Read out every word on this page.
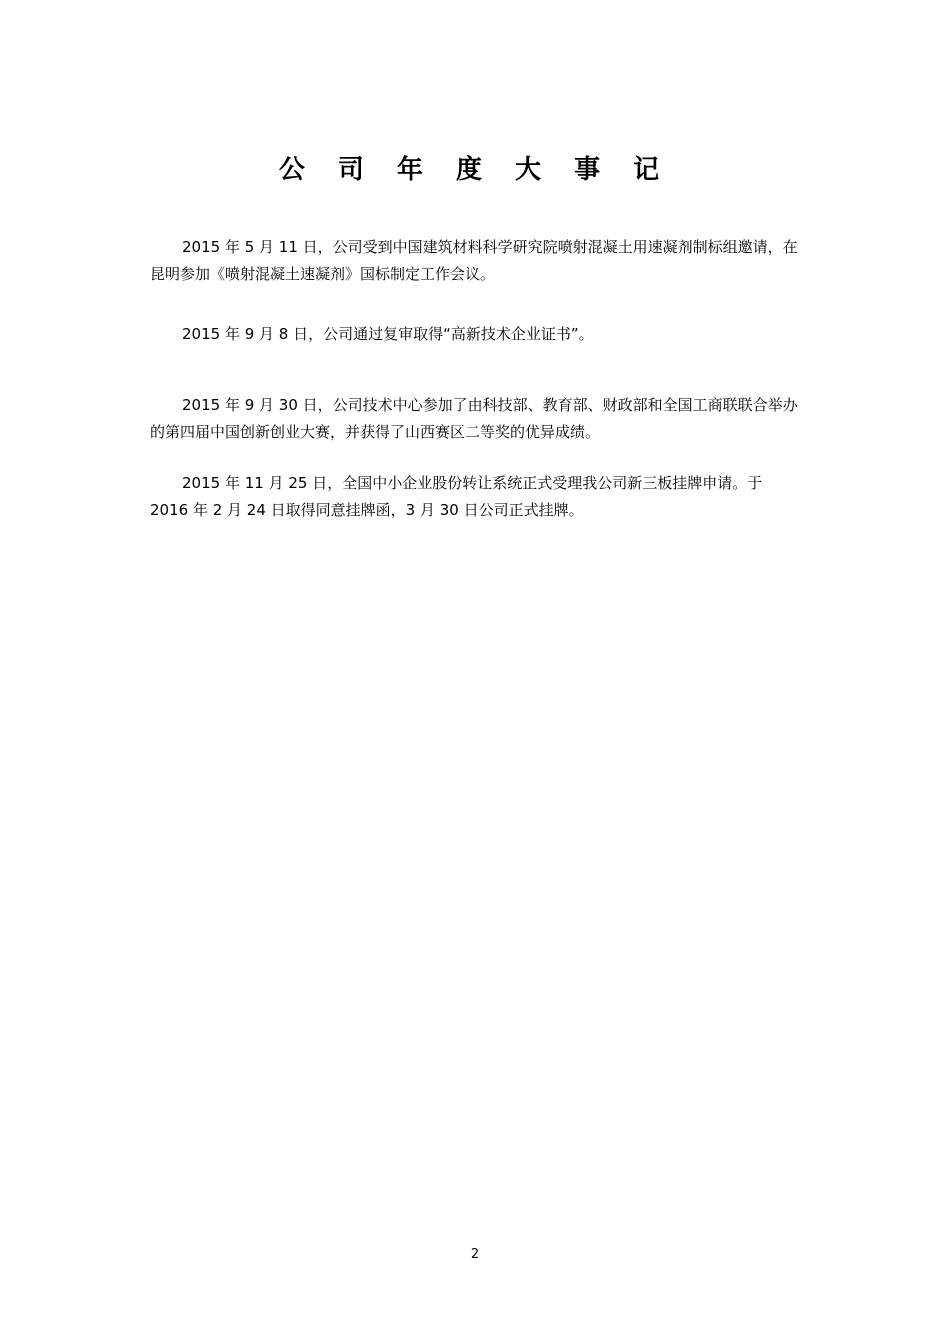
公 司 年 度 大 事 记

2015 年 5 月 11 日，公司受到中国建筑材料科学研究院喷射混凝土用速凝剂制标组邀请，在昆明参加《喷射混凝土速凝剂》国标制定工作会议。

2015 年 9 月 8 日，公司通过复审取得“高新技术企业证书”。

2015 年 9 月 30 日，公司技术中心参加了由科技部、教育部、财政部和全国工商联联合举办的第四届中国创新创业大赛，并获得了山西赛区二等奖的优异成绩。

2015 年 11 月 25 日，全国中小企业股份转让系统正式受理我公司新三板挂牌申请。于 2016 年 2 月 24 日取得同意挂牌函，3 月 30 日公司正式挂牌。

2
